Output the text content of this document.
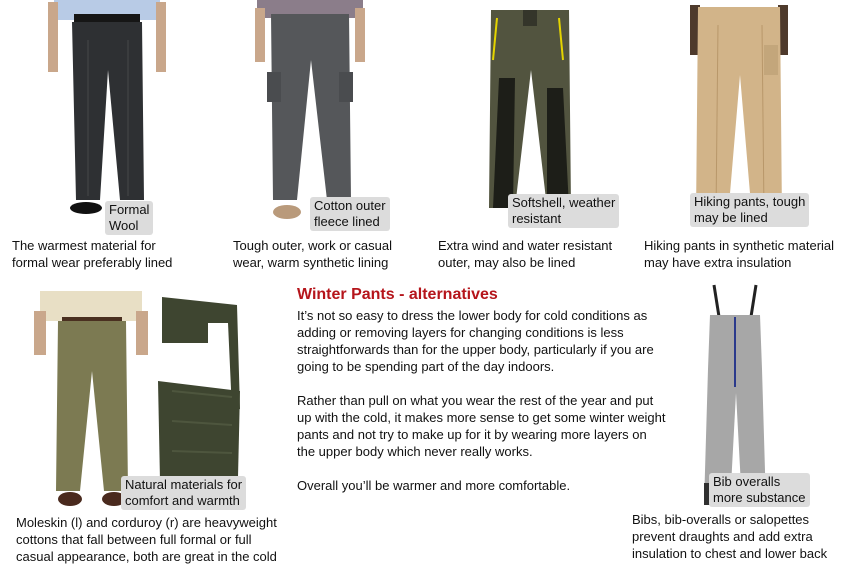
Formal
Wool
The warmest material for
formal wear preferably lined
Cotton outer
fleece lined
Tough outer, work or casual
wear, warm synthetic lining
Softshell, weather
resistant
Extra wind and water resistant
outer, may also be lined
Hiking pants, tough
may be lined
Hiking pants in synthetic material
may have extra insulation
Natural materials for
comfort and warmth
Moleskin (l) and corduroy (r) are heavyweight
cottons that fall between full formal or full
casual appearance, both are great in the cold
Winter Pants - alternatives

It’s not so easy to dress the lower body for cold conditions as adding or removing layers for changing conditions is less straightforwards than for the upper body, particularly if you are going to be spending part of the day indoors.

Rather than pull on what you wear the rest of the year and put up with the cold, it makes more sense to get some winter weight pants and not try to make up for it by wearing more layers on the upper body which never really works.

Overall you’ll be warmer and more comfortable.	Bib overalls
more substance
Bibs, bib-overalls or salopettes
prevent draughts and add extra
insulation to chest and lower back
